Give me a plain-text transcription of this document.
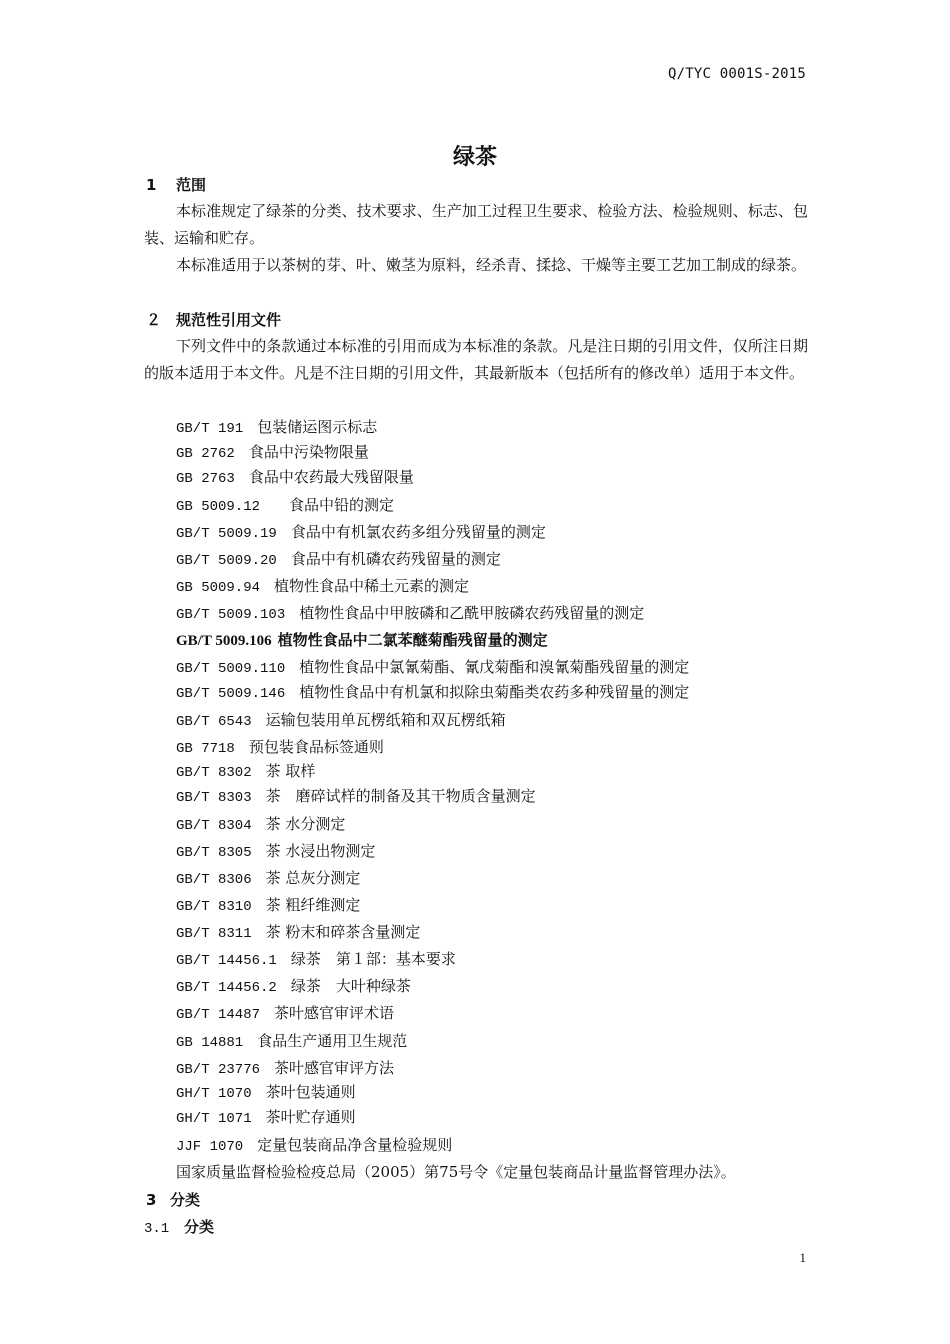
Q/TYC 0001S-2015
绿茶
1 范围
本标准规定了绿茶的分类、技术要求、生产加工过程卫生要求、检验方法、检验规则、标志、包装、运输和贮存。
本标准适用于以茶树的芽、叶、嫩茎为原料，经杀青、揉捻、干燥等主要工艺加工制成的绿茶。
２ 规范性引用文件
下列文件中的条款通过本标准的引用而成为本标准的条款。凡是注日期的引用文件，仅所注日期的版本适用于本文件。凡是不注日期的引用文件，其最新版本（包括所有的修改单）适用于本文件。
GB/T 191 包装储运图示标志
GB 2762 食品中污染物限量
GB 2763 食品中农药最大残留限量
GB 5009.12　食品中铅的测定
GB/T 5009.19 食品中有机氯农药多组分残留量的测定
GB/T 5009.20 食品中有机磷农药残留量的测定
GB 5009.94 植物性食品中稀土元素的测定
GB/T 5009.103 植物性食品中甲胺磷和乙酰甲胺磷农药残留量的测定
GB/T 5009.106 植物性食品中二氯苯醚菊酯残留量的测定
GB/T 5009.110 植物性食品中氯氰菊酯、氰戊菊酯和溴氰菊酯残留量的测定
GB/T 5009.146 植物性食品中有机氯和拟除虫菊酯类农药多种残留量的测定
GB/T 6543 运输包装用单瓦楞纸箱和双瓦楞纸箱
GB 7718 预包装食品标签通则
GB/T 8302 茶 取样
GB/T 8303 茶　磨碎试样的制备及其干物质含量测定
GB/T 8304 茶 水分测定
GB/T 8305 茶 水浸出物测定
GB/T 8306 茶 总灰分测定
GB/T 8310 茶 粗纤维测定
GB/T 8311 茶 粉末和碎茶含量测定
GB/T 14456.1 绿茶　第１部：基本要求
GB/T 14456.2 绿茶　大叶种绿茶
GB/T 14487 茶叶感官审评术语
GB 14881 食品生产通用卫生规范
GB/T 23776 茶叶感官审评方法
GH/T 1070 茶叶包装通则
GH/T 1071 茶叶贮存通则
JJF 1070 定量包装商品净含量检验规则
国家质量监督检验检疫总局（2005）第75号令《定量包装商品计量监督管理办法》。
3 分类
3.1 分类
1
